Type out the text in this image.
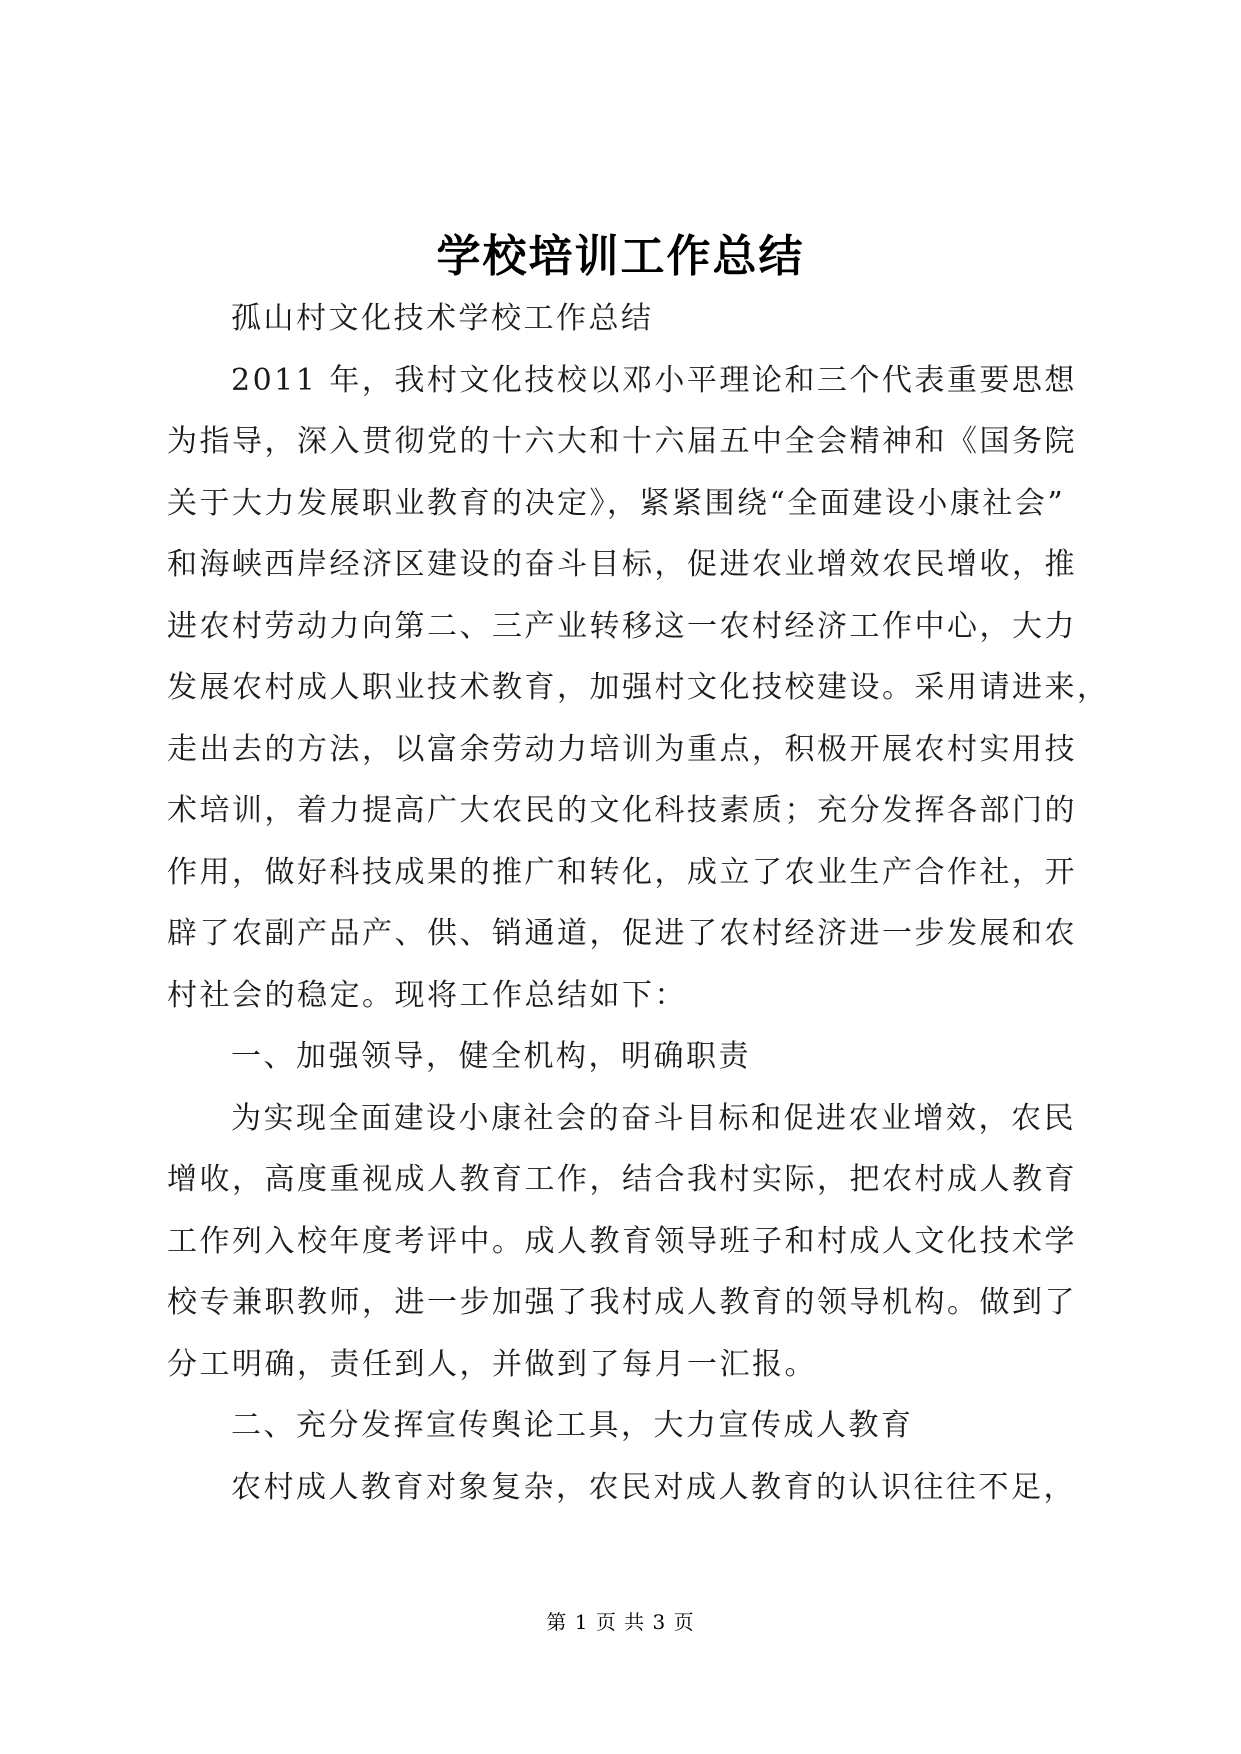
学校培训工作总结
孤山村文化技术学校工作总结
2011 年，我村文化技校以邓小平理论和三个代表重要思想
为指导，深入贯彻党的十六大和十六届五中全会精神和《国务院
关于大力发展职业教育的决定》，紧紧围绕“全面建设小康社会”
和海峡西岸经济区建设的奋斗目标，促进农业增效农民增收，推
进农村劳动力向第二、三产业转移这一农村经济工作中心，大力
发展农村成人职业技术教育，加强村文化技校建设。采用请进来，
走出去的方法，以富余劳动力培训为重点，积极开展农村实用技
术培训，着力提高广大农民的文化科技素质；充分发挥各部门的
作用，做好科技成果的推广和转化，成立了农业生产合作社，开
辟了农副产品产、供、销通道，促进了农村经济进一步发展和农
村社会的稳定。现将工作总结如下：
一、加强领导，健全机构，明确职责
为实现全面建设小康社会的奋斗目标和促进农业增效，农民
增收，高度重视成人教育工作，结合我村实际，把农村成人教育
工作列入校年度考评中。成人教育领导班子和村成人文化技术学
校专兼职教师，进一步加强了我村成人教育的领导机构。做到了
分工明确，责任到人，并做到了每月一汇报。
二、充分发挥宣传舆论工具，大力宣传成人教育
农村成人教育对象复杂，农民对成人教育的认识往往不足，
第 1 页 共 3 页
